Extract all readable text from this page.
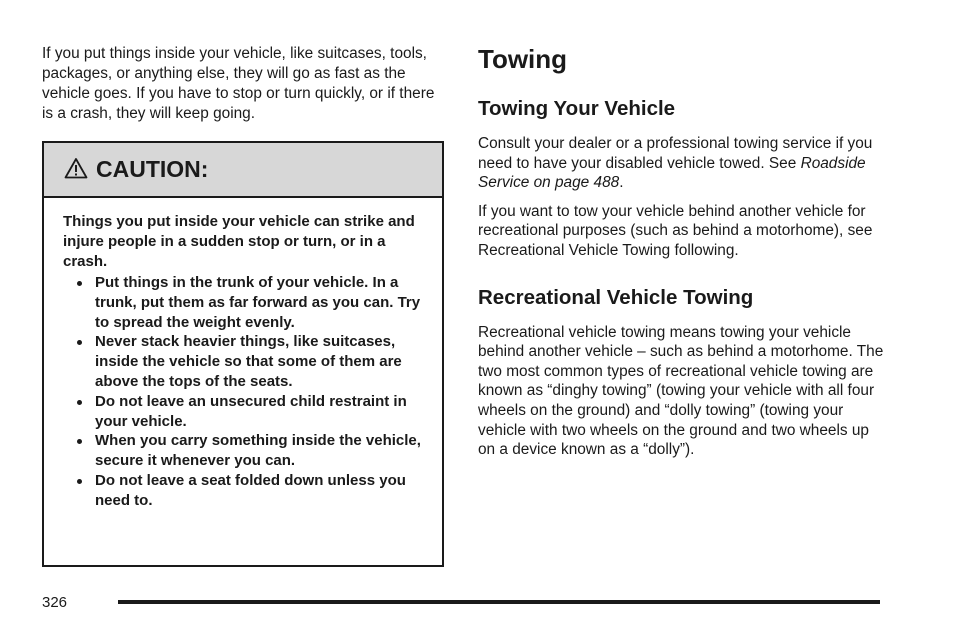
If you put things inside your vehicle, like suitcases, tools, packages, or anything else, they will go as fast as the vehicle goes. If you have to stop or turn quickly, or if there is a crash, they will keep going.

CAUTION:

Things you put inside your vehicle can strike and injure people in a sudden stop or turn, or in a crash.

Put things in the trunk of your vehicle. In a trunk, put them as far forward as you can. Try to spread the weight evenly.
Never stack heavier things, like suitcases, inside the vehicle so that some of them are above the tops of the seats.
Do not leave an unsecured child restraint in your vehicle.
When you carry something inside the vehicle, secure it whenever you can.
Do not leave a seat folded down unless you need to.
Towing
Towing Your Vehicle

Consult your dealer or a professional towing service if you need to have your disabled vehicle towed. See Roadside Service on page 488.

If you want to tow your vehicle behind another vehicle for recreational purposes (such as behind a motorhome), see Recreational Vehicle Towing following.

Recreational Vehicle Towing

Recreational vehicle towing means towing your vehicle behind another vehicle – such as behind a motorhome. The two most common types of recreational vehicle towing are known as “dinghy towing” (towing your vehicle with all four wheels on the ground) and “dolly towing” (towing your vehicle with two wheels on the ground and two wheels up on a device known as a “dolly”).

326
